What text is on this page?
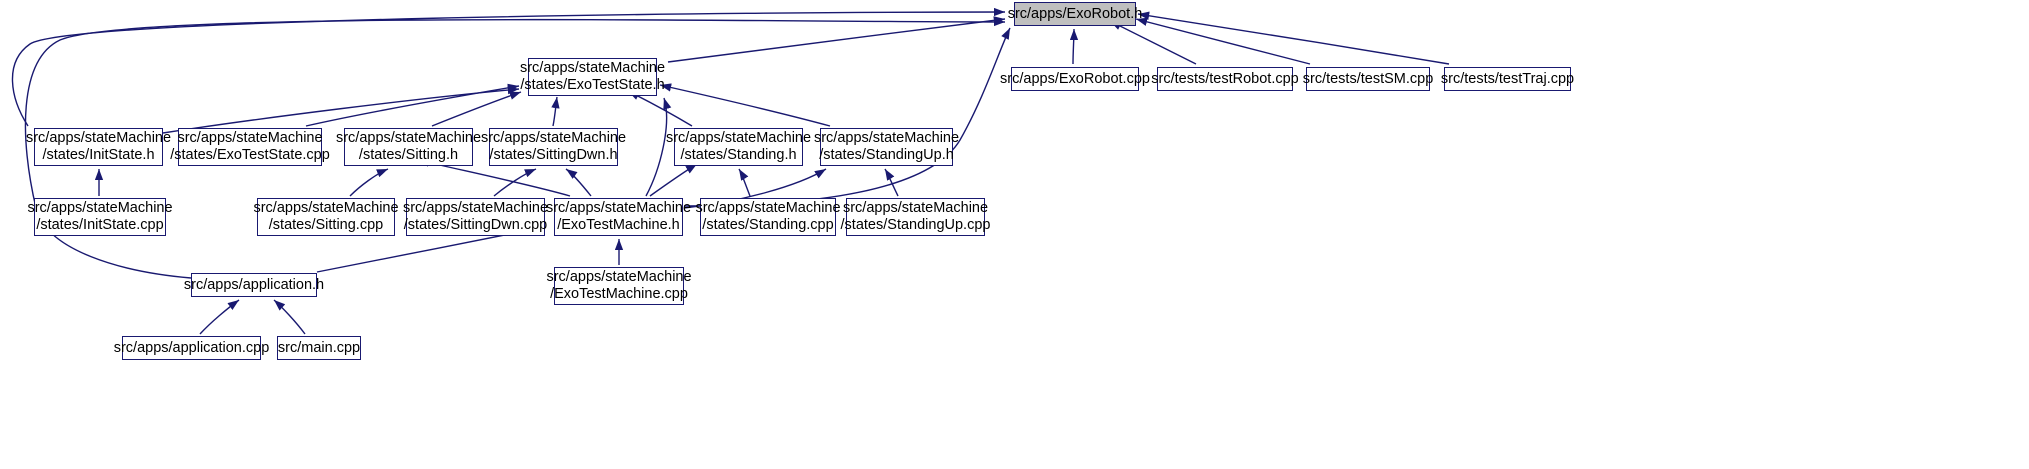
src/apps/ExoRobot.h
src/apps/stateMachine
/states/ExoTestState.h	src/apps/ExoRobot.cpp src/tests/testRobot.cpp src/tests/testSM.cpp src/tests/testTraj.cpp
src/apps/stateMachine
/states/InitState.h
src/apps/stateMachine
/states/ExoTestState.cpp
src/apps/stateMachine
/states/Sitting.h
src/apps/stateMachine
/states/SittingDwn.h
src/apps/stateMachine
/states/Standing.h
src/apps/stateMachine
/states/StandingUp.h
src/apps/stateMachine
/states/InitState.cpp
src/apps/stateMachine
/states/Sitting.cpp
src/apps/stateMachine
/states/SittingDwn.cpp
src/apps/stateMachine
/ExoTestMachine.h
src/apps/stateMachine
/states/Standing.cpp
src/apps/stateMachine
/states/StandingUp.cpp
src/apps/stateMachine
/ExoTestMachine.cpp
src/apps/application.h
src/apps/application.cpp src/main.cpp
